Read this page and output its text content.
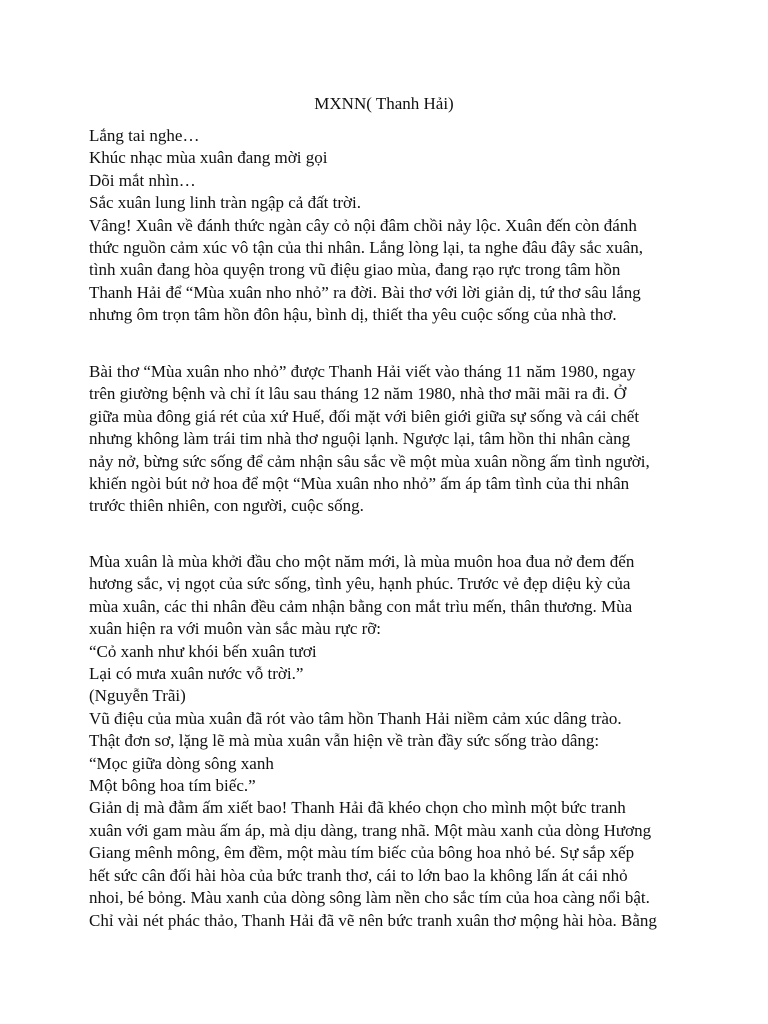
MXNN( Thanh Hải)
Lắng tai nghe…
Khúc nhạc mùa xuân đang mời gọi
Dõi mắt nhìn…
Sắc xuân lung linh tràn ngập cả đất trời.
Vâng! Xuân về đánh thức ngàn cây cỏ nội đâm chồi nảy lộc. Xuân đến còn đánh
thức nguồn cảm xúc vô tận của thi nhân. Lắng lòng lại, ta nghe đâu đây sắc xuân,
tình xuân đang hòa quyện trong vũ điệu giao mùa, đang rạo rực trong tâm hồn
Thanh Hải để “Mùa xuân nho nhỏ” ra đời. Bài thơ với lời giản dị, tứ thơ sâu lắng
nhưng ôm trọn tâm hồn đôn hậu, bình dị, thiết tha yêu cuộc sống của nhà thơ.
Bài thơ “Mùa xuân nho nhỏ” được Thanh Hải viết vào tháng 11 năm 1980, ngay
trên giường bệnh và chỉ ít lâu sau tháng 12 năm 1980, nhà thơ mãi mãi ra đi. Ở
giữa mùa đông giá rét của xứ Huế, đối mặt với biên giới giữa sự sống và cái chết
nhưng không làm trái tim nhà thơ nguội lạnh. Ngược lại, tâm hồn thi nhân càng
nảy nở, bừng sức sống để cảm nhận sâu sắc về một mùa xuân nồng ấm tình người,
khiến ngòi bút nở hoa để một “Mùa xuân nho nhỏ” ấm áp tâm tình của thi nhân
trước thiên nhiên, con người, cuộc sống.
Mùa xuân là mùa khởi đầu cho một năm mới, là mùa muôn hoa đua nở đem đến
hương sắc, vị ngọt của sức sống, tình yêu, hạnh phúc. Trước vẻ đẹp diệu kỳ của
mùa xuân, các thi nhân đều cảm nhận bằng con mắt trìu mến, thân thương. Mùa
xuân hiện ra với muôn vàn sắc màu rực rỡ:
“Cỏ xanh như khói bến xuân tươi
Lại có mưa xuân nước vỗ trời.”
(Nguyễn Trãi)
Vũ điệu của mùa xuân đã rót vào tâm hồn Thanh Hải niềm cảm xúc dâng trào.
Thật đơn sơ, lặng lẽ mà mùa xuân vẫn hiện về tràn đầy sức sống trào dâng:
“Mọc giữa dòng sông xanh
Một bông hoa tím biếc.”
Giản dị mà đằm ấm xiết bao! Thanh Hải đã khéo chọn cho mình một bức tranh
xuân với gam màu ấm áp, mà dịu dàng, trang nhã. Một màu xanh của dòng Hương
Giang mênh mông, êm đềm, một màu tím biếc của bông hoa nhỏ bé. Sự sắp xếp
hết sức cân đối hài hòa của bức tranh thơ, cái to lớn bao la không lấn át cái nhỏ
nhoi, bé bỏng. Màu xanh của dòng sông làm nền cho sắc tím của hoa càng nổi bật.
Chỉ vài nét phác thảo, Thanh Hải đã vẽ nên bức tranh xuân thơ mộng hài hòa. Bằng
